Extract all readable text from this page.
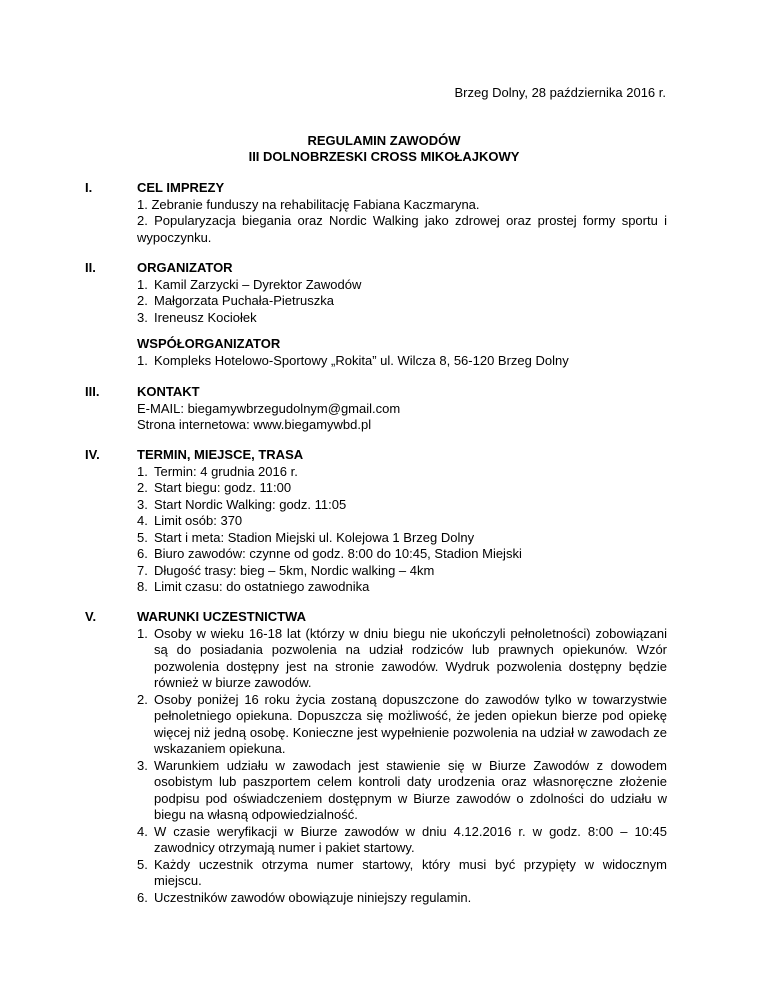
Brzeg Dolny, 28 października 2016 r.
REGULAMIN ZAWODÓW
III DOLNOBRZESKI CROSS MIKOŁAJKOWY
I.	CEL IMPREZY
1. Zebranie funduszy na rehabilitację Fabiana Kaczmaryna.
2. Popularyzacja biegania oraz Nordic Walking jako zdrowej oraz prostej formy sportu i wypoczynku.
II.	ORGANIZATOR
1. Kamil Zarzycki – Dyrektor Zawodów
2. Małgorzata Puchała-Pietruszka
3. Ireneusz Kociołek
WSPÓŁORGANIZATOR
1. Kompleks Hotelowo-Sportowy „Rokita” ul. Wilcza 8, 56-120 Brzeg Dolny
III.	KONTAKT
E-MAIL: biegamywbrzegudolnym@gmail.com
Strona internetowa: www.biegamywbd.pl
IV.	TERMIN, MIEJSCE, TRASA
1. Termin: 4 grudnia 2016 r.
2. Start biegu: godz. 11:00
3. Start Nordic Walking: godz. 11:05
4. Limit osób: 370
5. Start i meta: Stadion Miejski ul. Kolejowa 1 Brzeg Dolny
6. Biuro zawodów: czynne od godz. 8:00 do 10:45, Stadion Miejski
7. Długość trasy: bieg – 5km, Nordic walking – 4km
8. Limit czasu: do ostatniego zawodnika
V.	WARUNKI UCZESTNICTWA
1. Osoby w wieku 16-18 lat (którzy w dniu biegu nie ukończyli pełnoletności) zobowiązani są do posiadania pozwolenia na udział rodziców lub prawnych opiekunów. Wzór pozwolenia dostępny jest na stronie zawodów. Wydruk pozwolenia dostępny będzie również w biurze zawodów.
2. Osoby poniżej 16 roku życia zostaną dopuszczone do zawodów tylko w towarzystwie pełnoletniego opiekuna. Dopuszcza się możliwość, że jeden opiekun bierze pod opiekę więcej niż jedną osobę. Konieczne jest wypełnienie pozwolenia na udział w zawodach ze wskazaniem opiekuna.
3. Warunkiem udziału w zawodach jest stawienie się w Biurze Zawodów z dowodem osobistym lub paszportem celem kontroli daty urodzenia oraz własnoręczne złożenie podpisu pod oświadczeniem dostępnym w Biurze zawodów o zdolności do udziału w biegu na własną odpowiedzialność.
4. W czasie weryfikacji w Biurze zawodów w dniu 4.12.2016 r. w godz. 8:00 – 10:45 zawodnicy otrzymają numer i pakiet startowy.
5. Każdy uczestnik otrzyma numer startowy, który musi być przypięty w widocznym miejscu.
6. Uczestników zawodów obowiązuje niniejszy regulamin.
